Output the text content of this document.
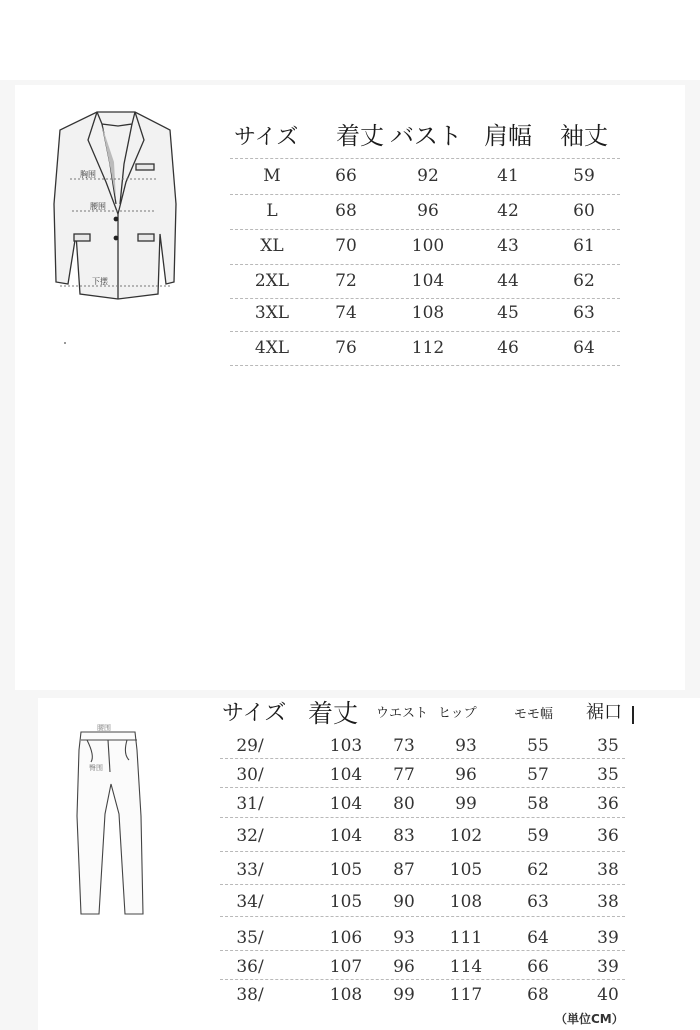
胸围
腰围
下摆
腰围
臀围
サイズ 着丈 バスト 肩幅 袖丈
M	66	92	41	59
L	68	96	42	60
XL	70	100	43	61
2XL	72	104	44	62
3XL	74	108	45	63
4XL	76	112	46	64
サイズ 着丈 ウエスト ヒップ	モモ幅 裾口
29/	103	73	93	55	35
30/	104	77	96	57	35
31/	104	80	99	58	36
32/	104	83	102	59	36
33/	105	87	105	62	38
34/	105	90	108	63	38
35/	106	93	111	64	39
36/	107	96	114	66	39
38/	108	99	117	68	40
（単位CM）
